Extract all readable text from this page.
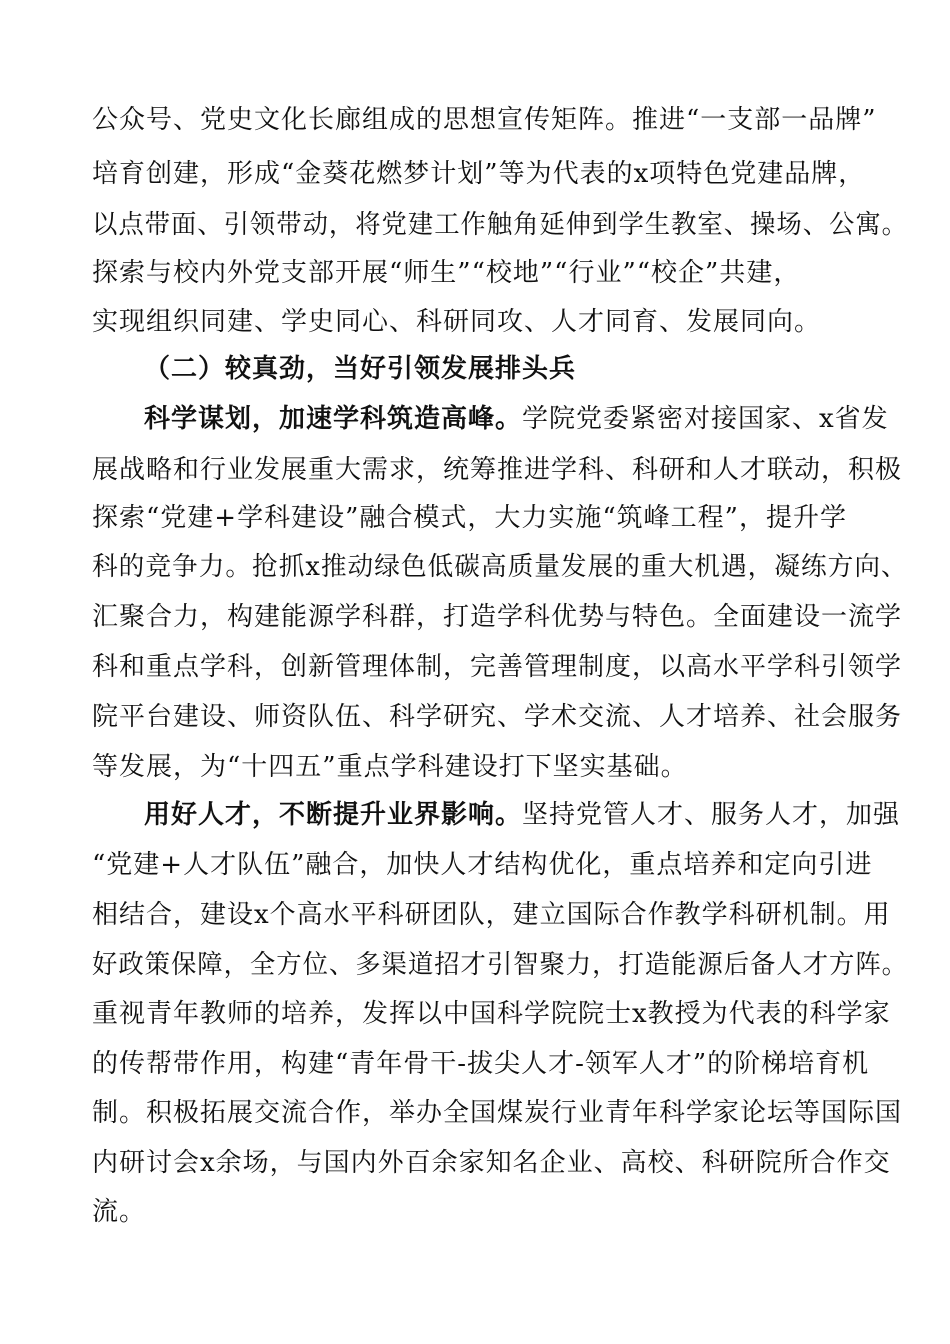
公众号、党史文化长廊组成的思想宣传矩阵。推进“一支部一品牌”
培育创建，形成“金葵花燃梦计划”等为代表的x项特色党建品牌，
以点带面、引领带动，将党建工作触角延伸到学生教室、操场、公寓。
探索与校内外党支部开展“师生”“校地”“行业”“校企”共建，
实现组织同建、学史同心、科研同攻、人才同育、发展同向。
（二）较真劲，当好引领发展排头兵
科学谋划，加速学科筑造高峰。学院党委紧密对接国家、x省发
展战略和行业发展重大需求，统筹推进学科、科研和人才联动，积极
探索“党建+学科建设”融合模式，大力实施“筑峰工程”，提升学
科的竞争力。抢抓x推动绿色低碳高质量发展的重大机遇，凝练方向、
汇聚合力，构建能源学科群，打造学科优势与特色。全面建设一流学
科和重点学科，创新管理体制，完善管理制度，以高水平学科引领学
院平台建设、师资队伍、科学研究、学术交流、人才培养、社会服务
等发展，为“十四五”重点学科建设打下坚实基础。
用好人才，不断提升业界影响。坚持党管人才、服务人才，加强
“党建+人才队伍”融合，加快人才结构优化，重点培养和定向引进
相结合，建设x个高水平科研团队，建立国际合作教学科研机制。用
好政策保障，全方位、多渠道招才引智聚力，打造能源后备人才方阵。
重视青年教师的培养，发挥以中国科学院院士x教授为代表的科学家
的传帮带作用，构建“青年骨干-拔尖人才-领军人才”的阶梯培育机
制。积极拓展交流合作，举办全国煤炭行业青年科学家论坛等国际国
内研讨会x余场，与国内外百余家知名企业、高校、科研院所合作交
流。
